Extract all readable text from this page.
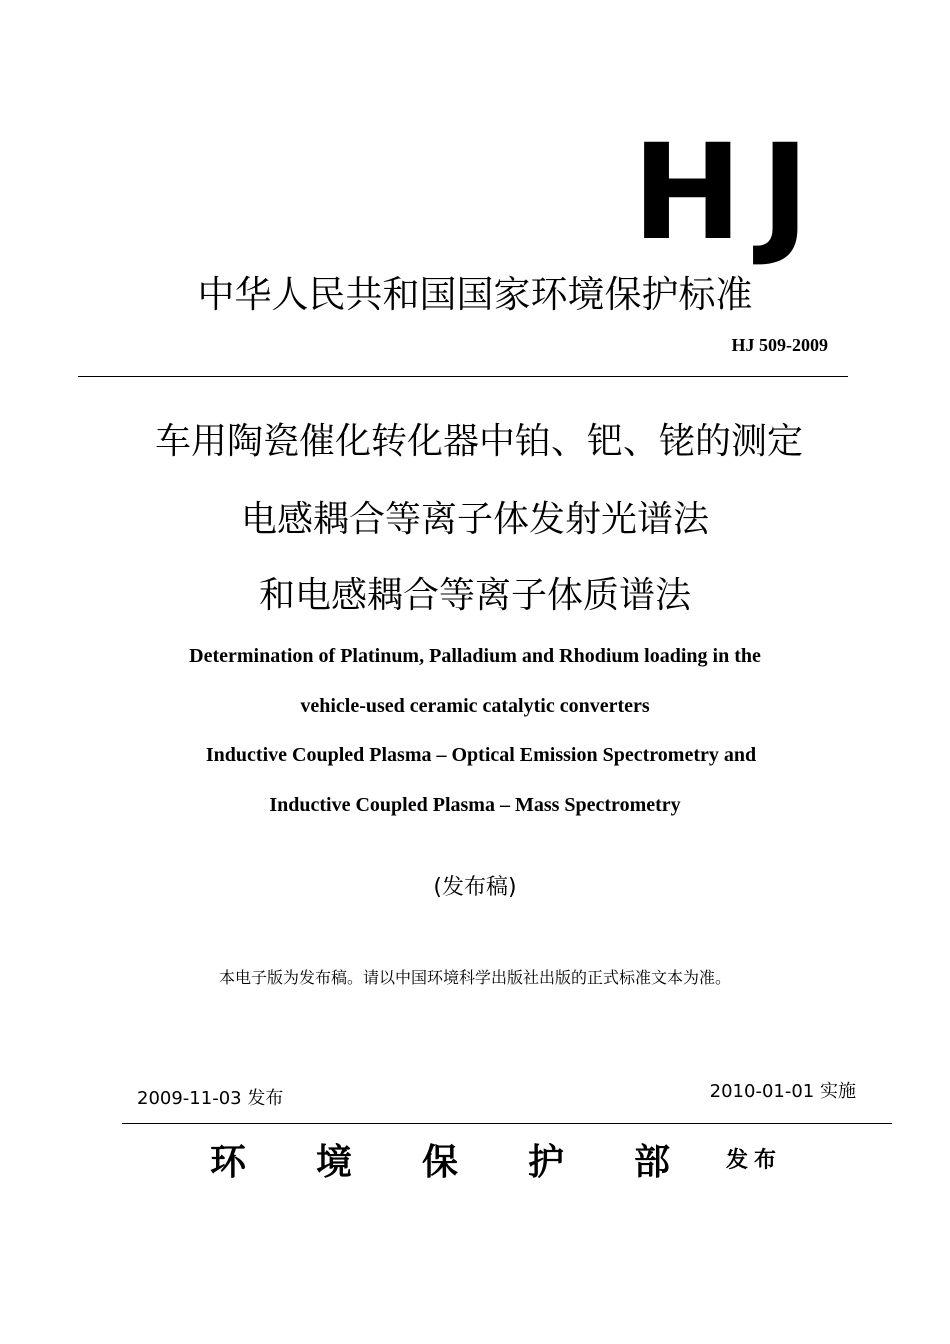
HJ
中华人民共和国国家环境保护标准
HJ 509-2009
车用陶瓷催化转化器中铂、钯、铑的测定
电感耦合等离子体发射光谱法
和电感耦合等离子体质谱法
Determination of Platinum, Palladium and Rhodium loading in the
vehicle-used ceramic catalytic converters
Inductive Coupled Plasma – Optical Emission Spectrometry and
Inductive Coupled Plasma – Mass Spectrometry
(发布稿)
本电子版为发布稿。请以中国环境科学出版社出版的正式标准文本为准。
2009-11-03 发布	2010-01-01 实施
环境保护部
发布
